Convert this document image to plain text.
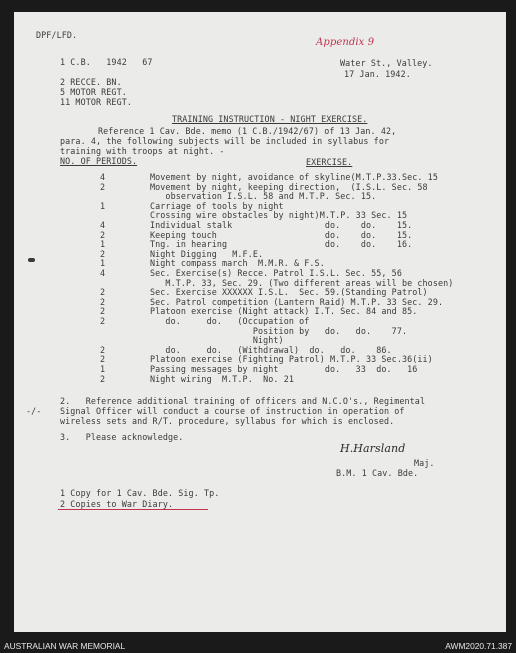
DPF/LFD.
1 C.B.   1942   67
Appendix 9
Water St., Valley.
17 Jan. 1942.
2 RECCE. BN.
5 MOTOR REGT.
11 MOTOR REGT.
TRAINING INSTRUCTION - NIGHT EXERCISE.
Reference 1 Cav. Bde. memo (1 C.B./1942/67) of 13 Jan. 42,
para. 4, the following subjects will be included in syllabus for
training with troops at night. -
NO. OF PERIODS.	EXERCISE.
4	Movement by night, avoidance of skyline(M.T.P.33.Sec. 15
2	Movement by night, keeping direction,  (I.S.L. Sec. 58
observation I.S.L. 58 and M.T.P. Sec. 15.
1	Carriage of tools by night
Crossing wire obstacles by night)M.T.P. 33 Sec. 15
4	Individual stalk                  do.    do.    15.
2	Keeping touch                     do.    do.    15.
1	Tng. in hearing                   do.    do.    16.
2	Night Digging   M.F.E.
1	Night compass march  M.M.R. & F.S.
4	Sec. Exercise(s) Recce. Patrol I.S.L. Sec. 55, 56
M.T.P. 33, Sec. 29. (Two different areas will be chosen)
2	Sec. Exercise XXXXXX I.S.L.  Sec. 59.(Standing Patrol)
2	Sec. Patrol competition (Lantern Raid) M.T.P. 33 Sec. 29.
2	Platoon exercise (Night attack) I.T. Sec. 84 and 85.
2	do.     do.   (Occupation of
Position by   do.   do.    77.
Night)
2	do.     do.   (Withdrawal)  do.   do.    86.
2	Platoon exercise (Fighting Patrol) M.T.P. 33 Sec.36(ii)
1	Passing messages by night         do.   33  do.   16
2	Night wiring  M.T.P.  No. 21
2.   Reference additional training of officers and N.C.O's., Regimental
Signal Officer will conduct a course of instruction in operation of
wireless sets and R/T. procedure, syllabus for which is enclosed.
-/-
3.   Please acknowledge.
H.Harsland
Maj.
B.M. 1 Cav. Bde.
1 Copy for 1 Cav. Bde. Sig. Tp.
2 Copies to War Diary.
AUSTRALIAN WAR MEMORIAL	AWM2020.71.387
